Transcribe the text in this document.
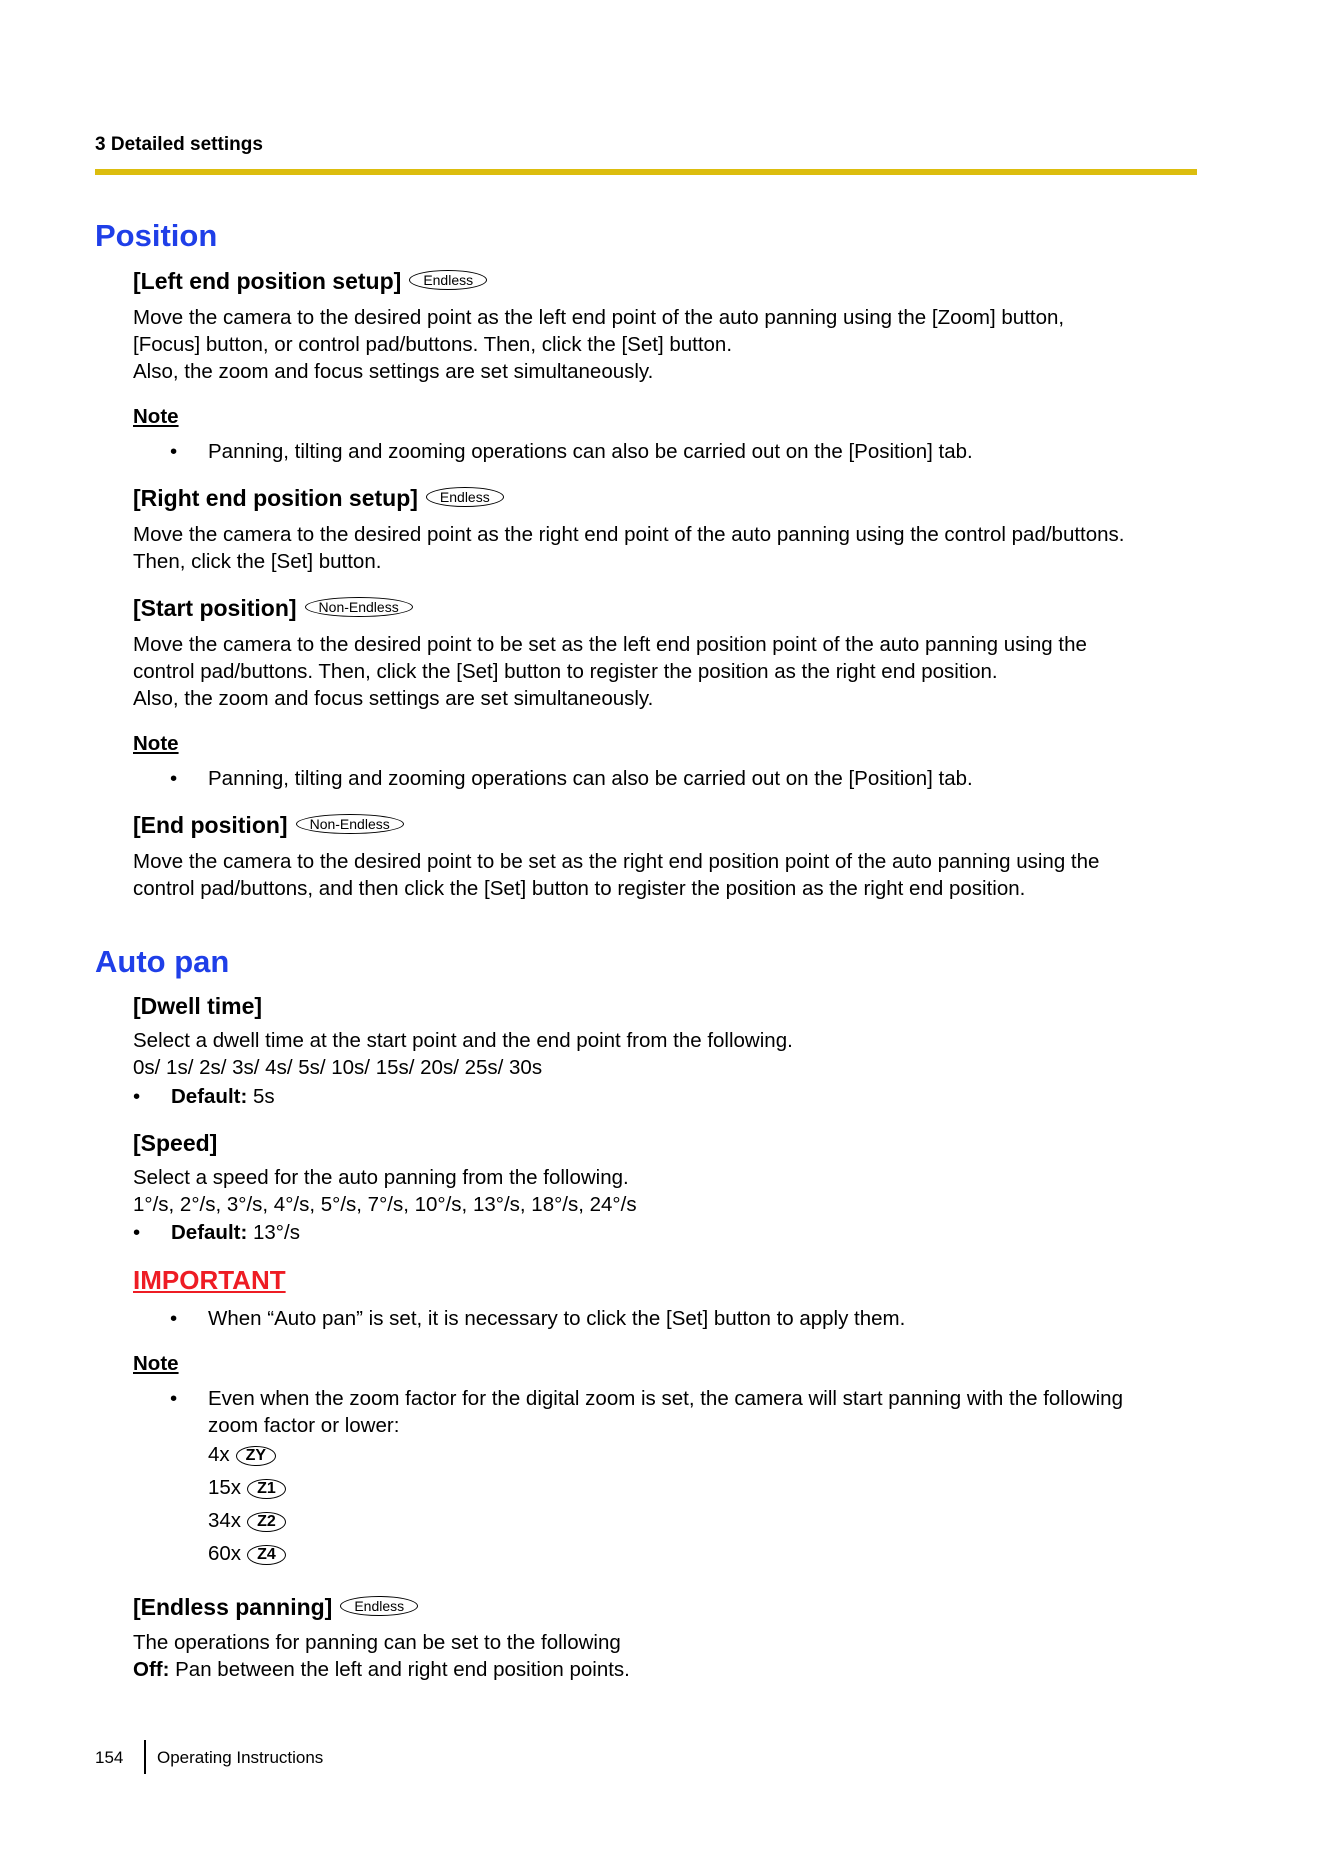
3 Detailed settings
Position
[Left end position setup] Endless
Move the camera to the desired point as the left end point of the auto panning using the [Zoom] button,
[Focus] button, or control pad/buttons. Then, click the [Set] button.
Also, the zoom and focus settings are set simultaneously.
Note
• Panning, tilting and zooming operations can also be carried out on the [Position] tab.
[Right end position setup] Endless
Move the camera to the desired point as the right end point of the auto panning using the control pad/buttons.
Then, click the [Set] button.
[Start position] Non-Endless
Move the camera to the desired point to be set as the left end position point of the auto panning using the
control pad/buttons. Then, click the [Set] button to register the position as the right end position.
Also, the zoom and focus settings are set simultaneously.
Note
• Panning, tilting and zooming operations can also be carried out on the [Position] tab.
[End position] Non-Endless
Move the camera to the desired point to be set as the right end position point of the auto panning using the
control pad/buttons, and then click the [Set] button to register the position as the right end position.
Auto pan
[Dwell time]
Select a dwell time at the start point and the end point from the following.
0s/ 1s/ 2s/ 3s/ 4s/ 5s/ 10s/ 15s/ 20s/ 25s/ 30s
• Default: 5s
[Speed]
Select a speed for the auto panning from the following.
1°/s, 2°/s, 3°/s, 4°/s, 5°/s, 7°/s, 10°/s, 13°/s, 18°/s, 24°/s
• Default: 13°/s
IMPORTANT
• When “Auto pan” is set, it is necessary to click the [Set] button to apply them.
Note
• Even when the zoom factor for the digital zoom is set, the camera will start panning with the following
zoom factor or lower:
4x ZY
15x Z1
34x Z2
60x Z4
[Endless panning] Endless
The operations for panning can be set to the following
Off: Pan between the left and right end position points.
154 Operating Instructions
